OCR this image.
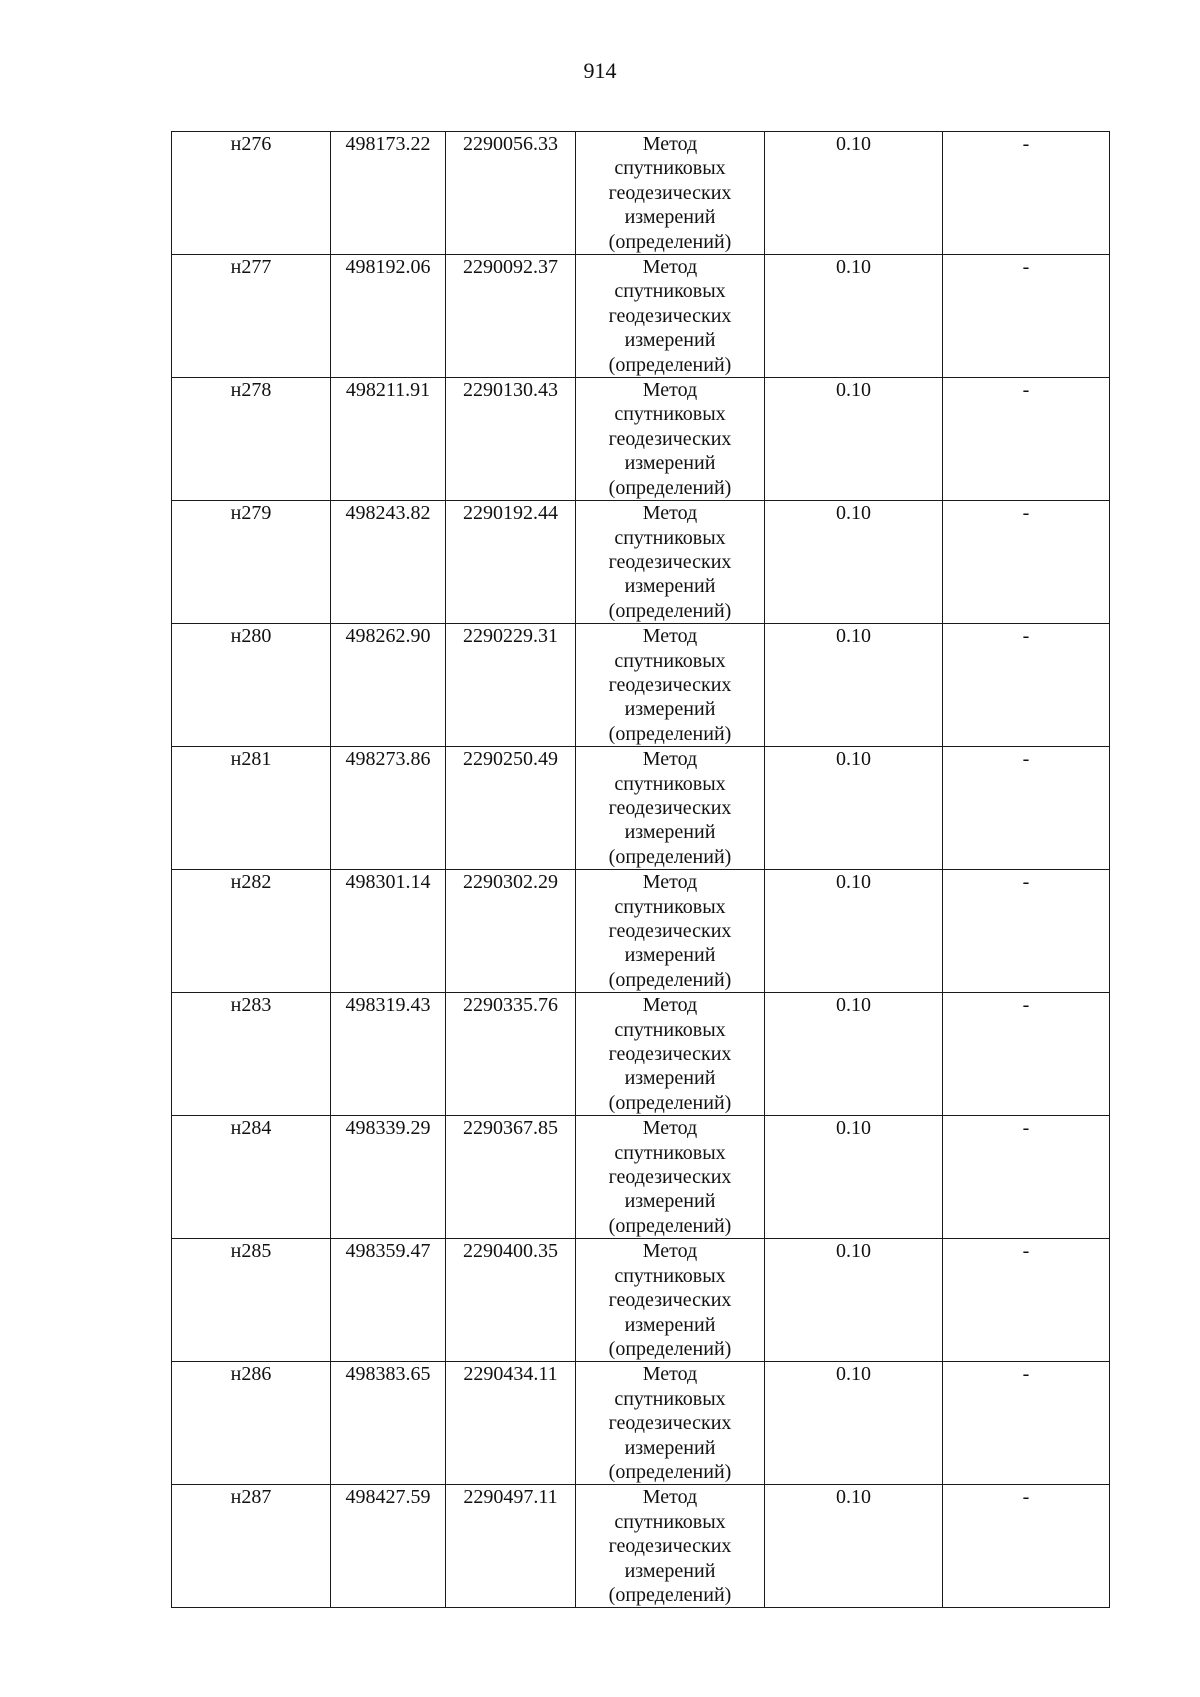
914
н276	498173.22	2290056.33	Метод
спутниковых
геодезических
измерений
(определений)	0.10	-
н277	498192.06	2290092.37	Метод
спутниковых
геодезических
измерений
(определений)	0.10	-
н278	498211.91	2290130.43	Метод
спутниковых
геодезических
измерений
(определений)	0.10	-
н279	498243.82	2290192.44	Метод
спутниковых
геодезических
измерений
(определений)	0.10	-
н280	498262.90	2290229.31	Метод
спутниковых
геодезических
измерений
(определений)	0.10	-
н281	498273.86	2290250.49	Метод
спутниковых
геодезических
измерений
(определений)	0.10	-
н282	498301.14	2290302.29	Метод
спутниковых
геодезических
измерений
(определений)	0.10	-
н283	498319.43	2290335.76	Метод
спутниковых
геодезических
измерений
(определений)	0.10	-
н284	498339.29	2290367.85	Метод
спутниковых
геодезических
измерений
(определений)	0.10	-
н285	498359.47	2290400.35	Метод
спутниковых
геодезических
измерений
(определений)	0.10	-
н286	498383.65	2290434.11	Метод
спутниковых
геодезических
измерений
(определений)	0.10	-
н287	498427.59	2290497.11	Метод
спутниковых
геодезических
измерений
(определений)	0.10	-
